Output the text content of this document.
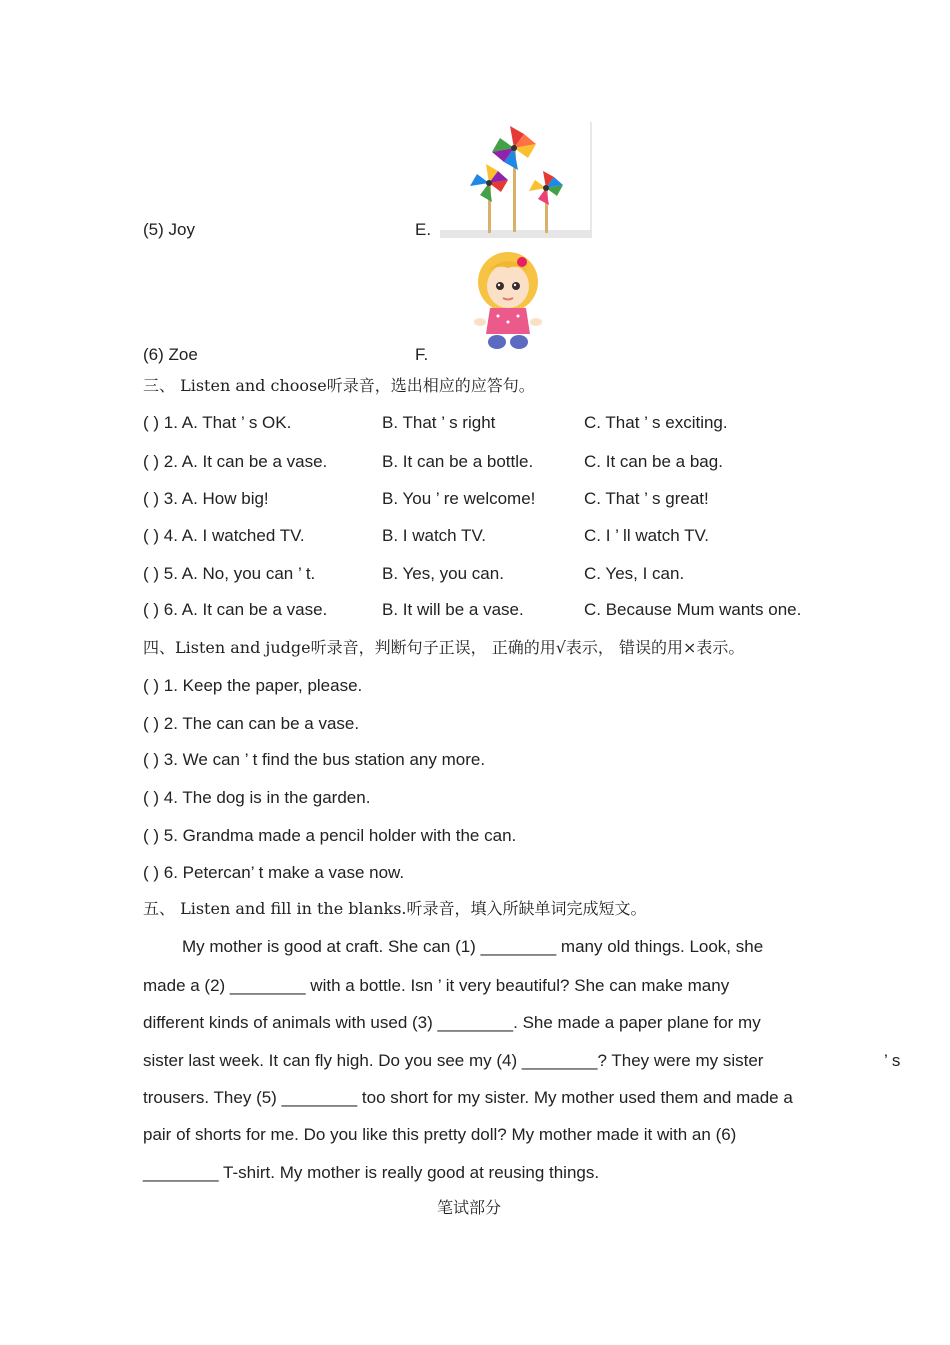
(5) Joy	E.
(6) Zoe	F.
三、 Listen and choose听录音，选出相应的应答句。
( ) 1. A. That ’ s OK.	B. That ’ s right	C. That ’ s exciting.
( ) 2. A. It can be a vase.	B. It can be a bottle.	C. It can be a bag.
( ) 3. A. How big!	B. You ’ re welcome!	C. That ’ s great!
( ) 4. A. I watched TV.	B. I watch TV.	C. I ’ ll watch TV.
( ) 5. A. No, you can ’ t.	B. Yes, you can.	C. Yes, I can.
( ) 6. A. It can be a vase.	B. It will be a vase.	C. Because Mum wants one.
四、Listen and judge听录音，判断句子正误， 正确的用√表示， 错误的用×表示。
( ) 1. Keep the paper, please.
( ) 2. The can can be a vase.
( ) 3. We can ’ t find the bus station any more.
( ) 4. The dog is in the garden.
( ) 5. Grandma made a pencil holder with the can.
( ) 6. Petercan’ t make a vase now.
五、 Listen and fill in the blanks.听录音，填入所缺单词完成短文。
My mother is good at craft. She can (1) ________ many old things. Look, she
made a (2) ________ with a bottle. Isn ’ it very beautiful? She can make many
different kinds of animals with used (3) ________. She made a paper plane for my
sister last week. It can fly high. Do you see my (4) ________? They were my sister	’ s
trousers. They (5) ________ too short for my sister. My mother used them and made a
pair of shorts for me. Do you like this pretty doll? My mother made it with an (6)
________ T-shirt. My mother is really good at reusing things.
笔试部分
